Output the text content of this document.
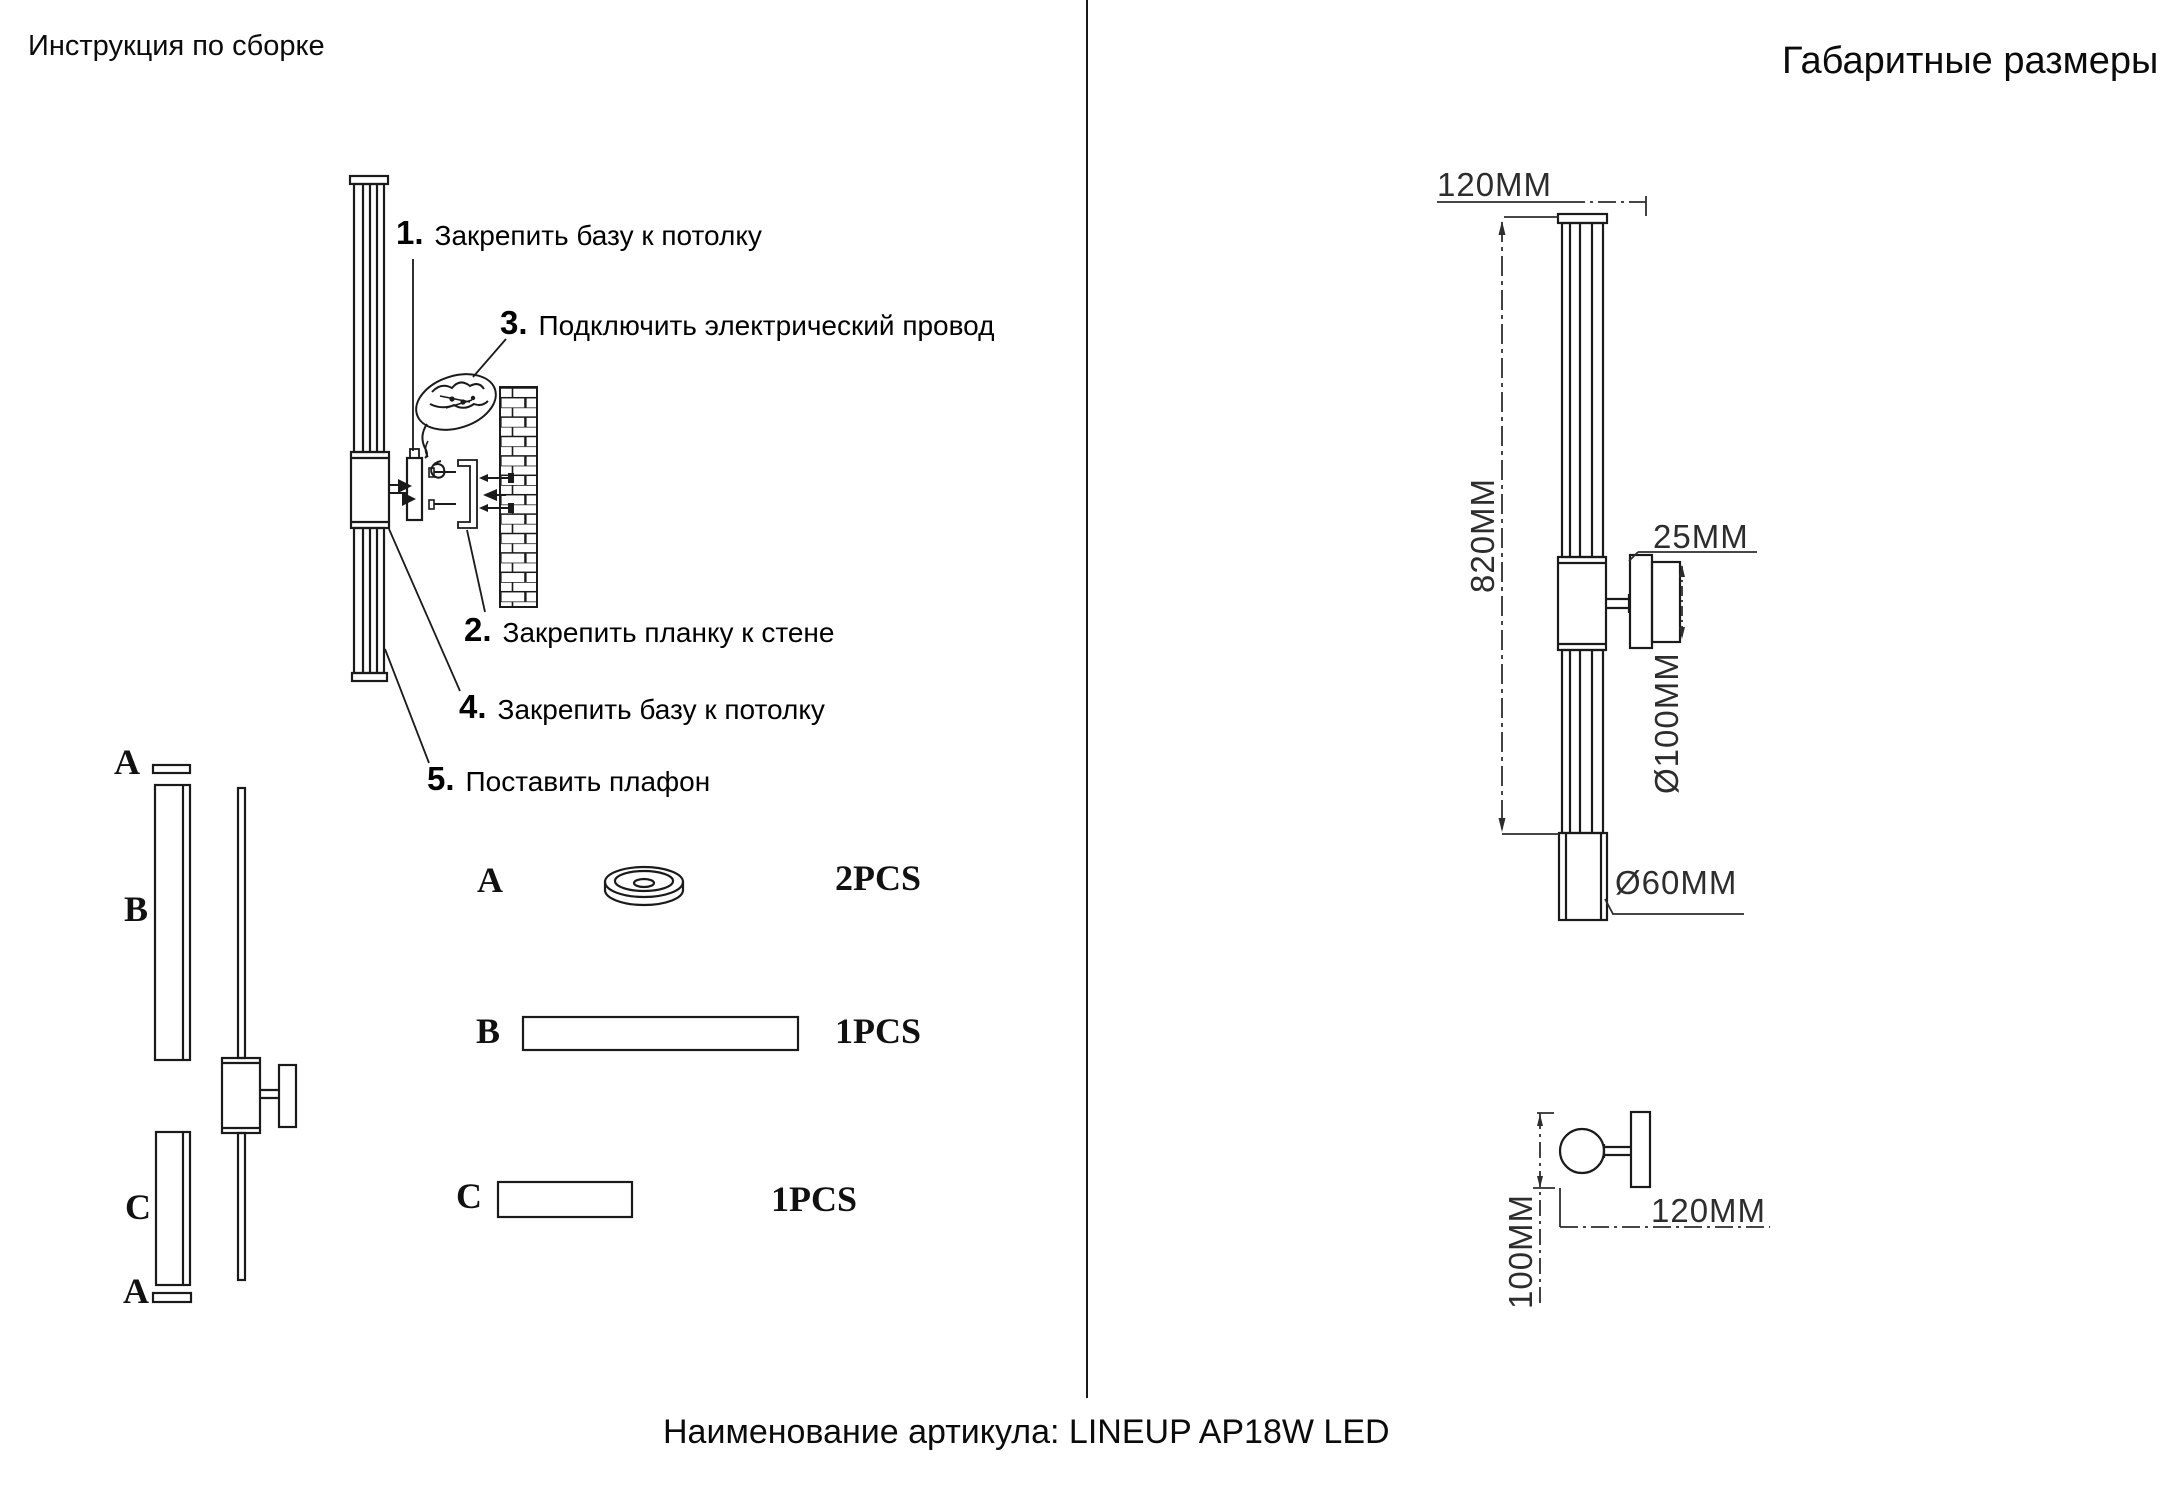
Инструкция по сборке	Габаритные размеры
1. Закрепить базу к потолку
3. Подключить электрический провод
2. Закрепить планку к стене
4. Закрепить базу к потолку
5. Поставить плафон
A
B
C
A
A	2PCS
B	1PCS
C	1PCS
120MM
820MM	25MM
Ø100MM
Ø60MM
100MM	120MM
Наименование артикула: LINEUP AP18W LED
